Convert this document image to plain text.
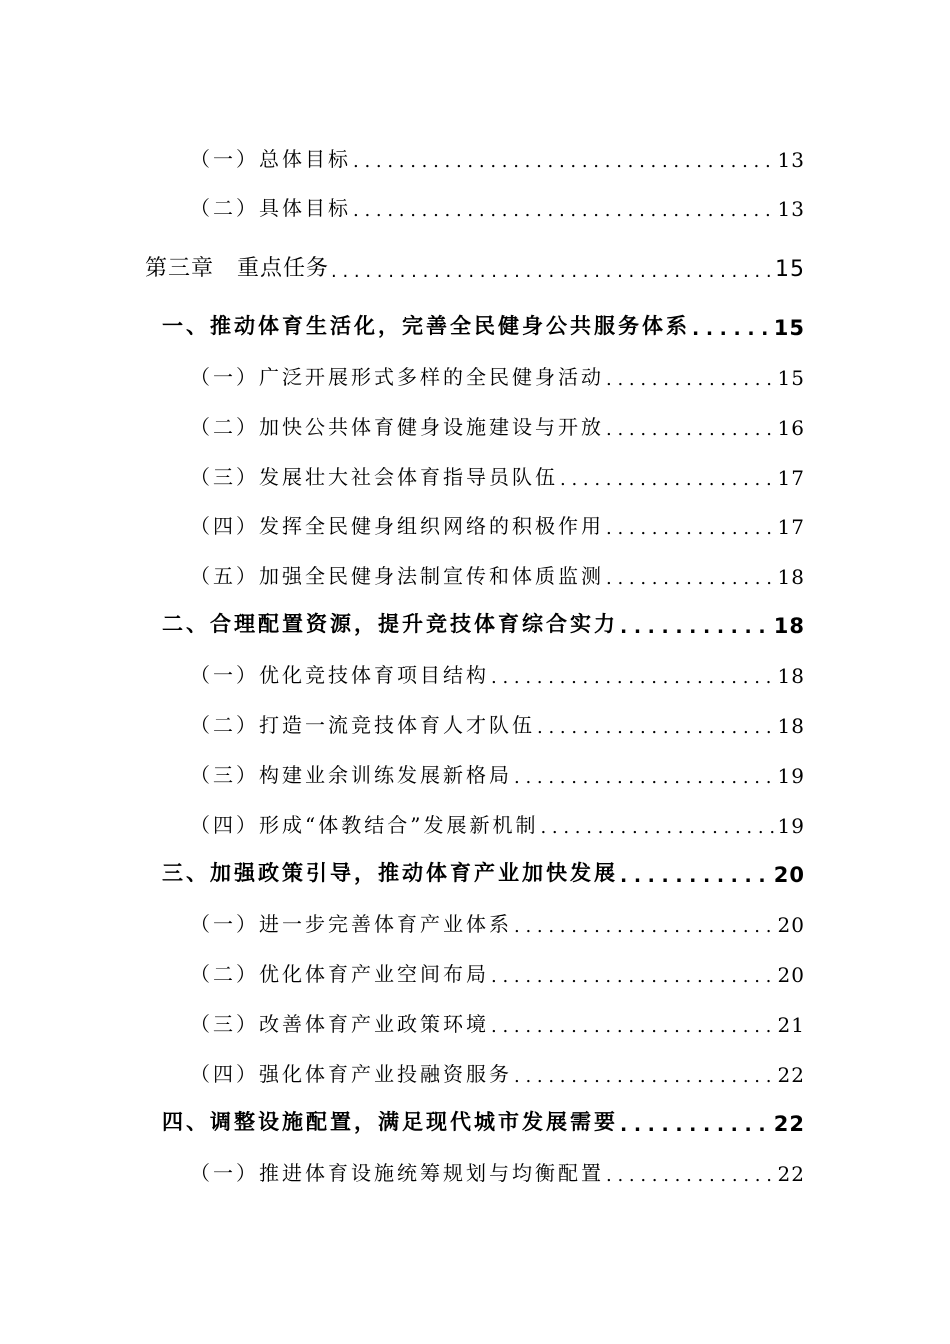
（一）总体目标 . . .	13
（二）具体目标 . . .	13
第三章　重点任务 . . .	15
一、推动体育生活化，完善全民健身公共服务体系 . . .	15
（一）广泛开展形式多样的全民健身活动 . . .	15
（二）加快公共体育健身设施建设与开放 . . .	16
（三）发展壮大社会体育指导员队伍 . . .	17
（四）发挥全民健身组织网络的积极作用 . . .	17
（五）加强全民健身法制宣传和体质监测 . . .	18
二、合理配置资源，提升竞技体育综合实力 . . .	18
（一）优化竞技体育项目结构 . . .	18
（二）打造一流竞技体育人才队伍 . . .	18
（三）构建业余训练发展新格局 . . .	19
（四）形成“体教结合”发展新机制 . . .	19
三、加强政策引导，推动体育产业加快发展 . . .	20
（一）进一步完善体育产业体系 . . .	20
（二）优化体育产业空间布局 . . .	20
（三）改善体育产业政策环境 . . .	21
（四）强化体育产业投融资服务 . . .	22
四、调整设施配置，满足现代城市发展需要 . . .	22
（一）推进体育设施统筹规划与均衡配置 . . .	22
